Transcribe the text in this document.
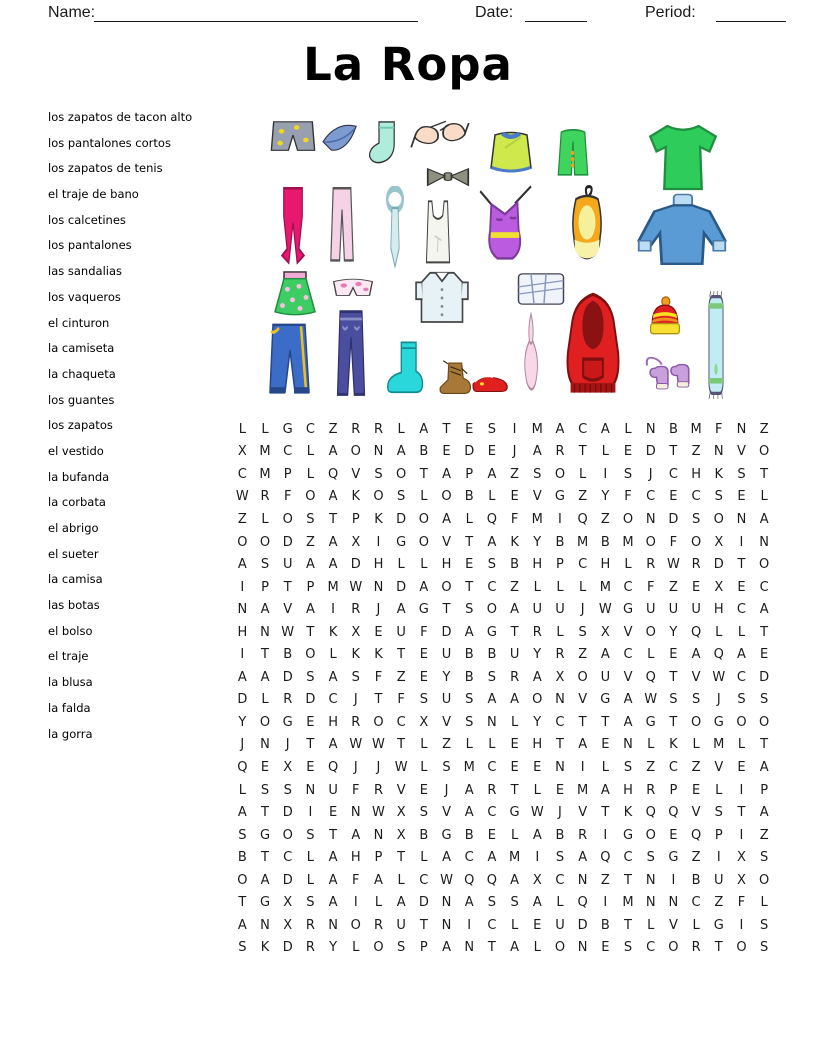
Name:	Date:	Period:
La Ropa
los zapatos de tacon alto
los pantalones cortos
los zapatos de tenis
el traje de bano
los calcetines
los pantalones
las sandalias
los vaqueros
el cinturon
la camiseta
la chaqueta
los guantes
los zapatos
el vestido
la bufanda
la corbata
el abrigo
el sueter
la camisa
las botas
el bolso
el traje
la blusa
la falda
la gorra
L	L	G	C	Z	R	R	L	A	T	E	S	I	M A	C	A	L	N	B M	F	N	Z
X M C	L	A	O N	A	B	E	D	E	J	A	R	T	L	E	D	T	Z	N	V	O
C M	P	L	Q	V	S	O	T	A	P	A	Z	S	O	L	I	S	J	C	H	K	S	T
W R	F	O	A	K	O	S	L	O	B	L	E	V	G	Z	Y	F	C	E	C	S	E	L
Z	L	O	S	T	P	K	D O	A	L	Q	F	M	I	Q	Z	O N D	S	O N	A
O O D	Z	A	X	I	G O	V	T	A	K	Y	B M B M O	F	O	X	I	N
A	S	U	A	A	D H	L	L	H	E	S	B	H	P	C	H	L	R W R	D	T	O
I	P	T	P	M W N D	A	O	T	C	Z	L	L	L	M C	F	Z	E	X	E	C
N	A	V	A	I	R	J	A	G	T	S	O	A	U	U	J	W G U	U	U	H	C	A
H N W T	K	X	E	U	F	D	A	G	T	R	L	S	X	V	O	Y	Q	L	L	T
I	T	B	O	L	K	K	T	E	U	B	B	U	Y	R	Z	A	C	L	E	A	Q	A	E
A	A	D	S	A	S	F	Z	E	Y	B	S	R	A	X	O U	V	Q	T	V W C	D
D	L	R	D	C	J	T	F	S	U	S	A	A	O N	V	G	A W S	S	J	S	S
Y	O G	E	H	R	O	C	X	V	S	N	L	Y	C	T	T	A	G	T	O G O O
J	N	J	T	A W W T	L	Z	L	L	E	H	T	A	E	N	L	K	L	M	L	T
Q	E	X	E	Q	J	J	W L	S M C	E	E	N	I	L	S	Z	C	Z	V	E	A
L	S	S	N	U	F	R	V	E	J	A	R	T	L	E M A	H	R	P	E	L	I	P
A	T	D	I	E	N W X	S	V	A	C	G W	J	V	T	K	Q Q	V	S	T	A
S	G O	S	T	A	N	X	B	G	B	E	L	A	B	R	I	G O	E	Q	P	I	Z
B	T	C	L	A	H	P	T	L	A	C	A M	I	S	A	Q	C	S	G	Z	I	X	S
O	A	D	L	A	F	A	L	C W Q Q	A	X	C	N	Z	T	N	I	B	U	X	O
T	G	X	S	A	I	L	A	D N	A	S	S	A	L	Q	I	M N N	C	Z	F	L
A	N	X	R	N O	R	U	T	N	I	C	L	E	U D	B	T	L	V	L	G	I	S
S	K	D	R	Y	L	O	S	P	A	N	T	A	L	O N	E	S	C	O	R	T	O	S
